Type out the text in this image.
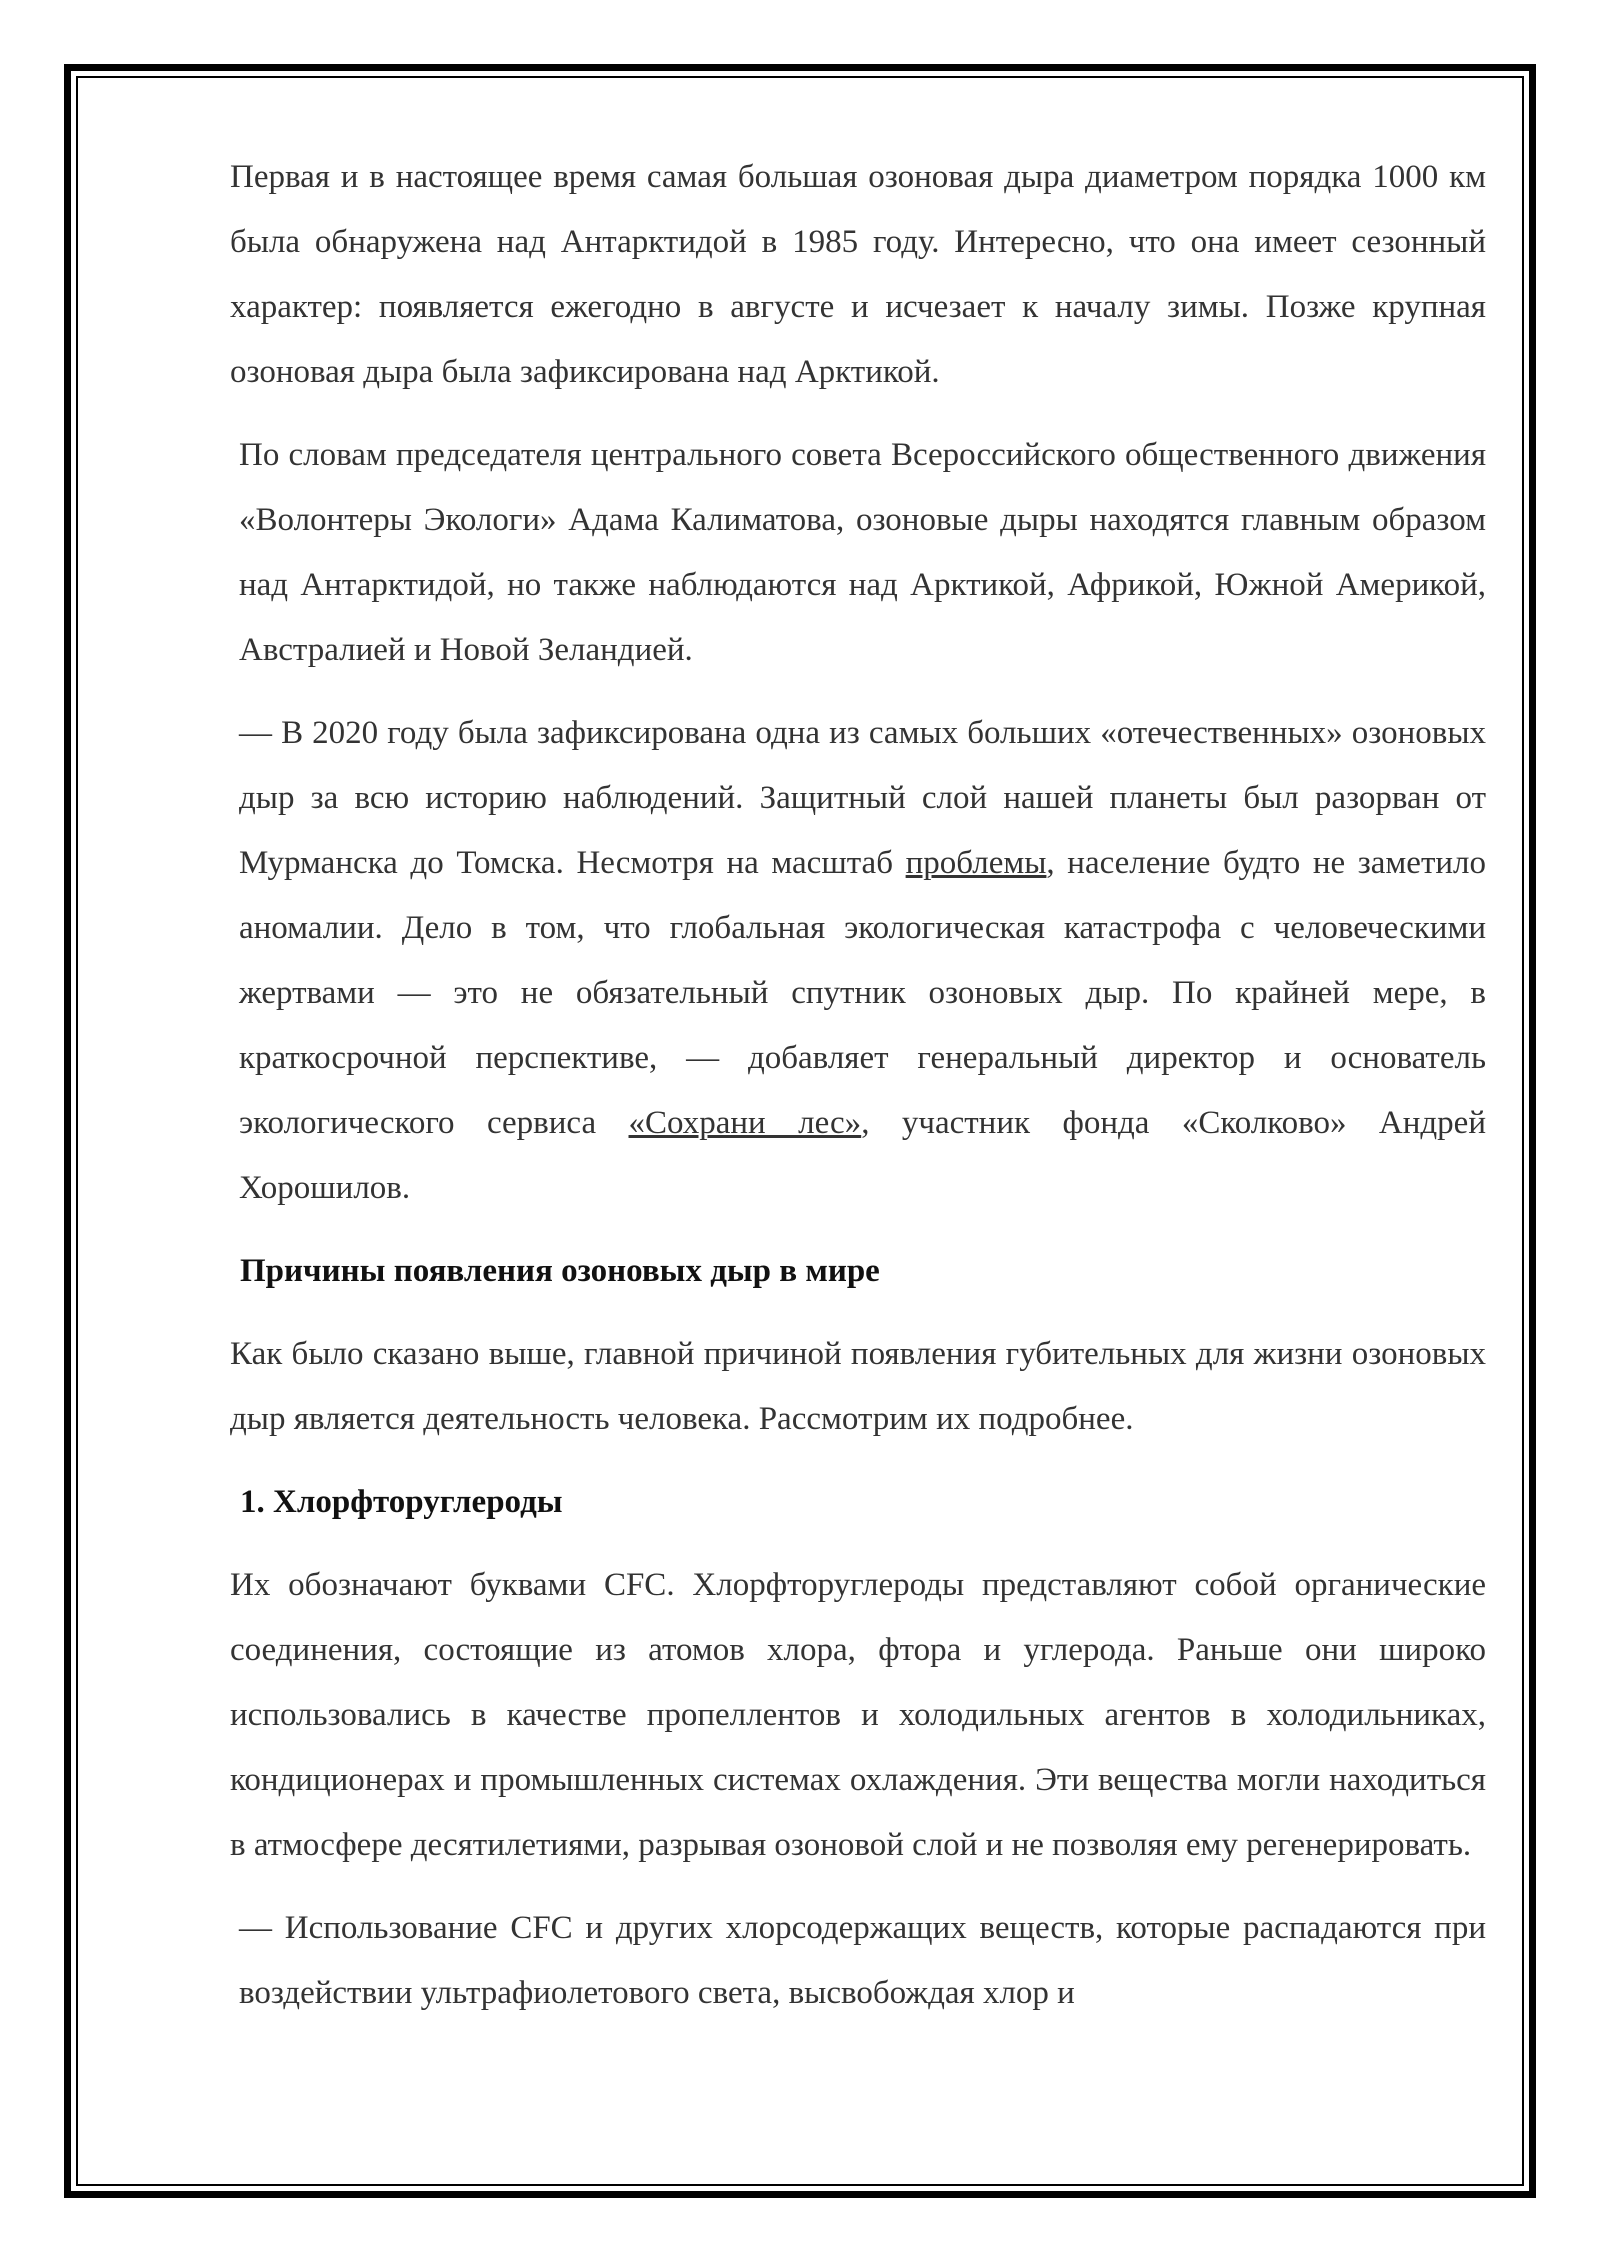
Первая и в настоящее время самая большая озоновая дыра диаметром порядка 1000 км была обнаружена над Антарктидой в 1985 году. Интересно, что она имеет сезонный характер: появляется ежегодно в августе и исчезает к началу зимы. Позже крупная озоновая дыра была зафиксирована над Арктикой.

По словам председателя центрального совета Всероссийского общественного движения «Волонтеры Экологи» Адама Калиматова, озоновые дыры находятся главным образом над Антарктидой, но также наблюдаются над Арктикой, Африкой, Южной Америкой, Австралией и Новой Зеландией.

— В 2020 году была зафиксирована одна из самых больших «отечественных» озоновых дыр за всю историю наблюдений. Защитный слой нашей планеты был разорван от Мурманска до Томска. Несмотря на масштаб проблемы, население будто не заметило аномалии. Дело в том, что глобальная экологическая катастрофа с человеческими жертвами — это не обязательный спутник озоновых дыр. По крайней мере, в краткосрочной перспективе, — добавляет генеральный директор и основатель экологического сервиса «Сохрани лес», участник фонда «Сколково» Андрей Хорошилов.

Причины появления озоновых дыр в мире

Как было сказано выше, главной причиной появления губительных для жизни озоновых дыр является деятельность человека. Рассмотрим их подробнее.

1. Хлорфторуглероды

Их обозначают буквами CFC. Хлорфторуглероды представляют собой органические соединения, состоящие из атомов хлора, фтора и углерода. Раньше они широко использовались в качестве пропеллентов и холодильных агентов в холодильниках, кондиционерах и промышленных системах охлаждения. Эти вещества могли находиться в атмосфере десятилетиями, разрывая озоновой слой и не позволяя ему регенерировать.

— Использование CFC и других хлорсодержащих веществ, которые распадаются при воздействии ультрафиолетового света, высвобождая хлор и
